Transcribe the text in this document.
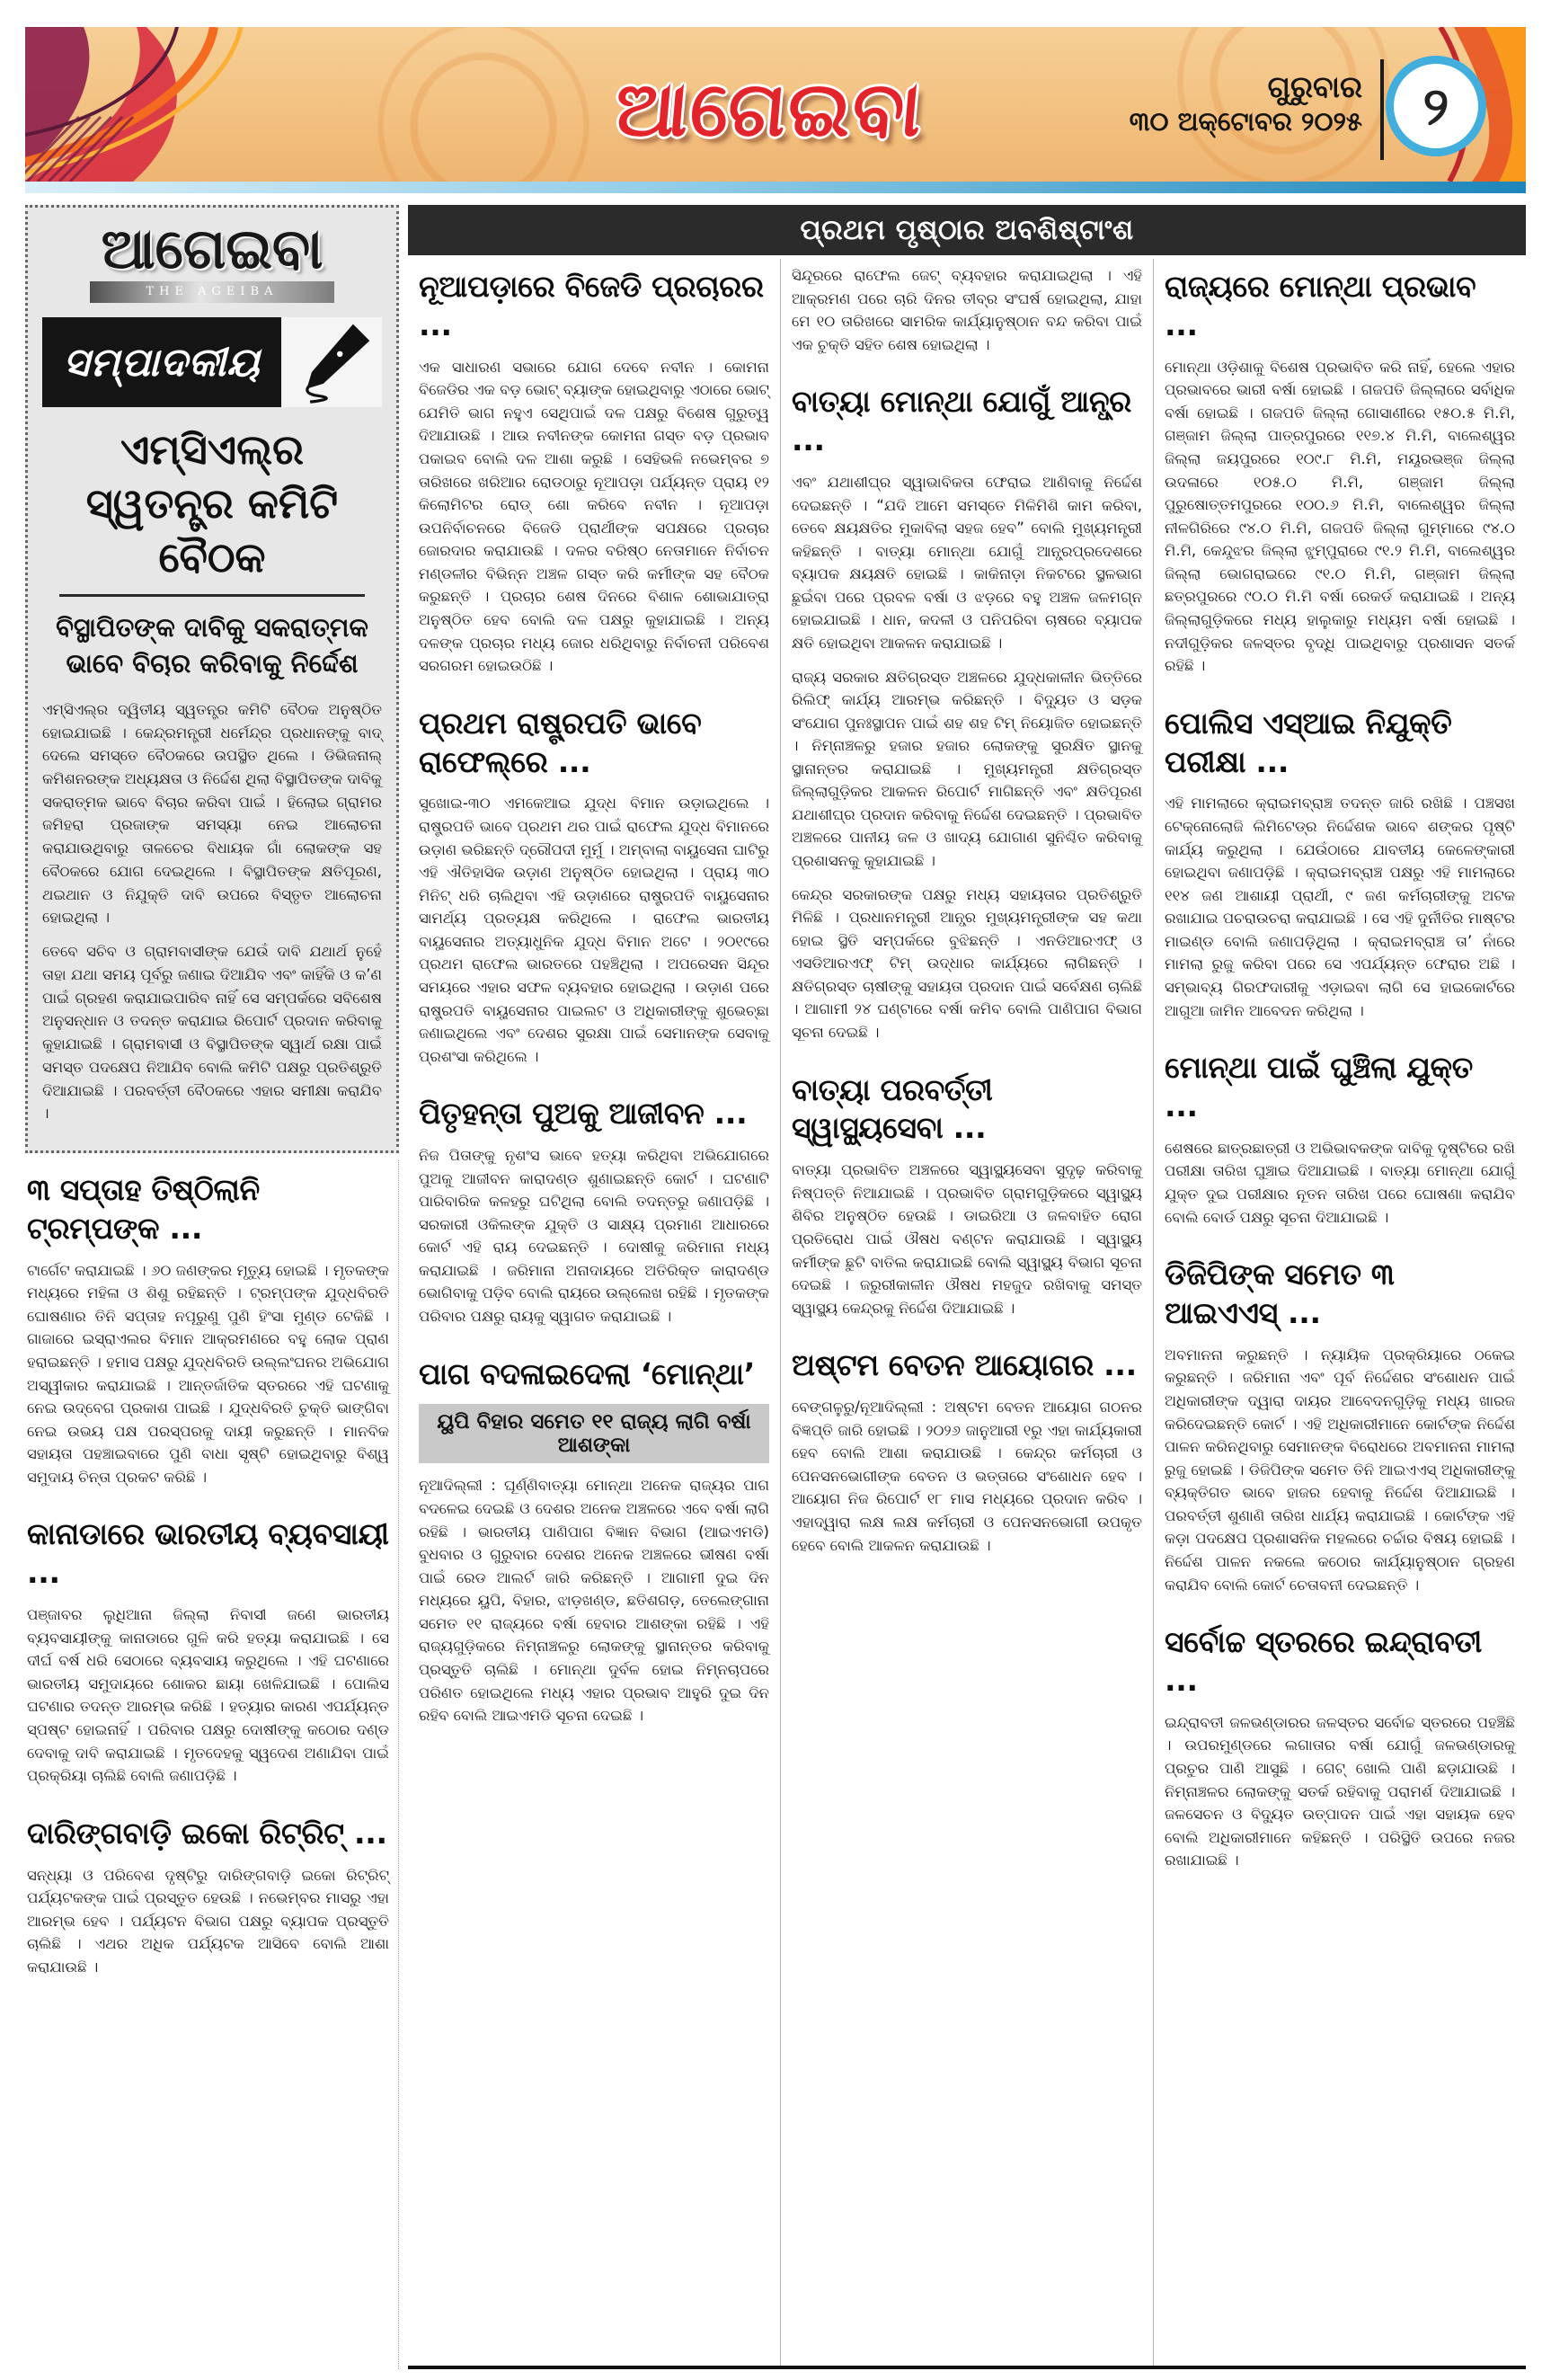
ଆଗେଇବା	ଗୁରୁବାର
୩୦ ଅକ୍ଟୋବର ୨୦୨୫	୨
ଆଗେଇବା
THE AGEIBA
ସମ୍ପାଦକୀୟ
ଏମ୍‌ସିଏଲ୍‌ର ସ୍ୱତନ୍ତ୍ର କମିଟି ବୈଠକ
ବିସ୍ଥାପିତଙ୍କ ଦାବିକୁ ସକରାତ୍ମକ ଭାବେ ବିଚାର କରିବାକୁ ନିର୍ଦ୍ଦେଶ

ଏମ୍‌ସିଏଲ୍‌ର ଦ୍ୱିତୀୟ ସ୍ୱତନ୍ତ୍ର କମିଟି ବୈଠକ ଅନୁଷ୍ଠିତ ହୋଇଯାଇଛି । କେନ୍ଦ୍ରମନ୍ତ୍ରୀ ଧର୍ମେନ୍ଦ୍ର ପ୍ରଧାନଙ୍କୁ ବାଦ୍ ଦେଲେ ସମସ୍ତେ ବୈଠକରେ ଉପସ୍ଥିତ ଥିଲେ । ଡିଭିଜନାଲ୍ କମିଶନରଙ୍କ ଅଧ୍ୟକ୍ଷତା ଓ ନିର୍ଦ୍ଦେଶ ଥିଲା ବିସ୍ଥାପିତଙ୍କ ଦାବିକୁ ସକରାତ୍ମକ ଭାବେ ବିଚାର କରିବା ପାଇଁ । ହିଲୋଇ ଗ୍ରାମର ଜମିହରା ପ୍ରଜାଙ୍କ ସମସ୍ୟା ନେଇ ଆଲୋଚନା କରାଯାଉଥିବାରୁ ତାଳଚେର ବିଧାୟକ ଗାଁ ଲୋକଙ୍କ ସହ ବୈଠକରେ ଯୋଗ ଦେଇଥିଲେ । ବିସ୍ଥାପିତଙ୍କ କ୍ଷତିପୂରଣ, ଥଇଥାନ ଓ ନିଯୁକ୍ତି ଦାବି ଉପରେ ବିସ୍ତୃତ ଆଲୋଚନା ହୋଇଥିଲା ।

ତେବେ ସଚିବ ଓ ଗ୍ରାମବାସୀଙ୍କ ଯେଉଁ ଦାବି ଯଥାର୍ଥ ନୁହେଁ ତାହା ଯଥା ସମୟ ପୂର୍ବରୁ ଜଣାଇ ଦିଆଯିବ ଏବଂ କାହିଁକି ଓ କ’ଣ ପାଇଁ ଗ୍ରହଣ କରାଯାଇପାରିବ ନାହିଁ ସେ ସମ୍ପର୍କରେ ସବିଶେଷ ଅନୁସନ୍ଧାନ ଓ ତଦନ୍ତ କରାଯାଇ ରିପୋର୍ଟ ପ୍ରଦାନ କରିବାକୁ କୁହାଯାଇଛି । ଗ୍ରାମବାସୀ ଓ ବିସ୍ଥାପିତଙ୍କ ସ୍ୱାର୍ଥ ରକ୍ଷା ପାଇଁ ସମସ୍ତ ପଦକ୍ଷେପ ନିଆଯିବ ବୋଲି କମିଟି ପକ୍ଷରୁ ପ୍ରତିଶ୍ରୁତି ଦିଆଯାଇଛି । ପରବର୍ତ୍ତୀ ବୈଠକରେ ଏହାର ସମୀକ୍ଷା କରାଯିବ ।

୩ ସପ୍ତାହ ତିଷ୍ଠିଲାନି ଟ୍ରମ୍ପଙ୍କ ...

ଟାର୍ଗେଟ କରାଯାଇଛି । ୬୦ ଜଣଙ୍କର ମୃତ୍ୟୁ ହୋଇଛି । ମୃତକଙ୍କ ମଧ୍ୟରେ ମହିଳା ଓ ଶିଶୁ ରହିଛନ୍ତି । ଟ୍ରମ୍ପଙ୍କ ଯୁଦ୍ଧବିରତି ଘୋଷଣାର ତିନି ସପ୍ତାହ ନପୂରୁଣୁ ପୁଣି ହିଂସା ମୁଣ୍ଡ ଟେକିଛି । ଗାଜାରେ ଇସ୍ରାଏଲର ବିମାନ ଆକ୍ରମଣରେ ବହୁ ଲୋକ ପ୍ରାଣ ହରାଇଛନ୍ତି । ହମାସ ପକ୍ଷରୁ ଯୁଦ୍ଧବିରତି ଉଲ୍ଲଂଘନର ଅଭିଯୋଗ ଅସ୍ୱୀକାର କରାଯାଇଛି । ଆନ୍ତର୍ଜାତିକ ସ୍ତରରେ ଏହି ଘଟଣାକୁ ନେଇ ଉଦ୍‌ବେଗ ପ୍ରକାଶ ପାଇଛି । ଯୁଦ୍ଧବିରତି ଚୁକ୍ତି ଭାଙ୍ଗିବା ନେଇ ଉଭୟ ପକ୍ଷ ପରସ୍ପରକୁ ଦାୟୀ କରୁଛନ୍ତି । ମାନବିକ ସହାୟତା ପହଞ୍ଚାଇବାରେ ପୁଣି ବାଧା ସୃଷ୍ଟି ହୋଇଥିବାରୁ ବିଶ୍ୱ ସମୁଦାୟ ଚିନ୍ତା ପ୍ରକଟ କରିଛି ।

କାନାଡାରେ ଭାରତୀୟ ବ୍ୟବସାୟୀ ...

ପଞ୍ଜାବର ଲୁଧିଆନା ଜିଲ୍ଲା ନିବାସୀ ଜଣେ ଭାରତୀୟ ବ୍ୟବସାୟୀଙ୍କୁ କାନାଡାରେ ଗୁଳି କରି ହତ୍ୟା କରାଯାଇଛି । ସେ ଦୀର୍ଘ ବର୍ଷ ଧରି ସେଠାରେ ବ୍ୟବସାୟ କରୁଥିଲେ । ଏହି ଘଟଣାରେ ଭାରତୀୟ ସମୁଦାୟରେ ଶୋକର ଛାୟା ଖେଳିଯାଇଛି । ପୋଲିସ ଘଟଣାର ତଦନ୍ତ ଆରମ୍ଭ କରିଛି । ହତ୍ୟାର କାରଣ ଏପର୍ଯ୍ୟନ୍ତ ସ୍ପଷ୍ଟ ହୋଇନାହିଁ । ପରିବାର ପକ୍ଷରୁ ଦୋଷୀଙ୍କୁ କଠୋର ଦଣ୍ଡ ଦେବାକୁ ଦାବି କରାଯାଇଛି । ମୃତଦେହକୁ ସ୍ୱଦେଶ ଅଣାଯିବା ପାଇଁ ପ୍ରକ୍ରିୟା ଚାଲିଛି ବୋଲି ଜଣାପଡ଼ିଛି ।

ଦାରିଙ୍ଗବାଡ଼ି ଇକୋ ରିଟ୍ରିଟ୍ ...

ସନ୍ଧ୍ୟା ଓ ପରିବେଶ ଦୃଷ୍ଟିରୁ ଦାରିଙ୍ଗବାଡ଼ି ଇକୋ ରିଟ୍ରିଟ୍ ପର୍ଯ୍ୟଟକଙ୍କ ପାଇଁ ପ୍ରସ୍ତୁତ ହେଉଛି । ନଭେମ୍ବର ମାସରୁ ଏହା ଆରମ୍ଭ ହେବ । ପର୍ଯ୍ୟଟନ ବିଭାଗ ପକ୍ଷରୁ ବ୍ୟାପକ ପ୍ରସ୍ତୁତି ଚାଲିଛି । ଏଥର ଅଧିକ ପର୍ଯ୍ୟଟକ ଆସିବେ ବୋଲି ଆଶା କରାଯାଉଛି ।

ପ୍ରଥମ ପୃଷ୍ଠାର ଅବଶିଷ୍ଟାଂଶ
ନୂଆପଡ଼ାରେ ବିଜେଡି ପ୍ରଚାରର ...

ଏକ ସାଧାରଣ ସଭାରେ ଯୋଗ ଦେବେ ନବୀନ । କୋମନା ବିଜେଡିର ଏକ ବଡ଼ ଭୋଟ୍ ବ୍ୟାଙ୍କ ହୋଇଥିବାରୁ ଏଠାରେ ଭୋଟ୍ ଯେମିତି ଭାଗ ନହୁଏ ସେଥିପାଇଁ ଦଳ ପକ୍ଷରୁ ବିଶେଷ ଗୁରୁତ୍ୱ ଦିଆଯାଉଛି । ଆଉ ନବୀନଙ୍କ କୋମନା ଗସ୍ତ ବଡ଼ ପ୍ରଭାବ ପକାଇବ ବୋଲି ଦଳ ଆଶା କରୁଛି । ସେହିଭଳି ନଭେମ୍ବର ୭ ତାରିଖରେ ଖରିଆର ରୋଡଠାରୁ ନୂଆପଡ଼ା ପର୍ଯ୍ୟନ୍ତ ପ୍ରାୟ ୧୨ କିଲୋମିଟର ରୋଡ୍ ଶୋ କରିବେ ନବୀନ । ନୂଆପଡ଼ା ଉପନିର୍ବାଚନରେ ବିଜେଡି ପ୍ରାର୍ଥୀଙ୍କ ସପକ୍ଷରେ ପ୍ରଚାର ଜୋରଦାର କରାଯାଉଛି । ଦଳର ବରିଷ୍ଠ ନେତାମାନେ ନିର୍ବାଚନ ମଣ୍ଡଳୀର ବିଭିନ୍ନ ଅଞ୍ଚଳ ଗସ୍ତ କରି କର୍ମୀଙ୍କ ସହ ବୈଠକ କରୁଛନ୍ତି । ପ୍ରଚାର ଶେଷ ଦିନରେ ବିଶାଳ ଶୋଭାଯାତ୍ରା ଅନୁଷ୍ଠିତ ହେବ ବୋଲି ଦଳ ପକ୍ଷରୁ କୁହାଯାଇଛି । ଅନ୍ୟ ଦଳଙ୍କ ପ୍ରଚାର ମଧ୍ୟ ଜୋର ଧରିଥିବାରୁ ନିର୍ବାଚନୀ ପରିବେଶ ସରଗରମ ହୋଇଉଠିଛି ।

ପ୍ରଥମ ରାଷ୍ଟ୍ରପତି ଭାବେ ରାଫେଲ୍‌ରେ ...

ସୁଖୋଇ-୩୦ ଏମକେଆଇ ଯୁଦ୍ଧ ବିମାନ ଉଡ଼ାଇଥିଲେ । ରାଷ୍ଟ୍ରପତି ଭାବେ ପ୍ରଥମ ଥର ପାଇଁ ରାଫେଲ ଯୁଦ୍ଧ ବିମାନରେ ଉଡ଼ାଣ ଭରିଛନ୍ତି ଦ୍ରୌପଦୀ ମୁର୍ମୁ । ଅମ୍ବାଲା ବାୟୁସେନା ଘାଟିରୁ ଏହି ଐତିହାସିକ ଉଡ଼ାଣ ଅନୁଷ୍ଠିତ ହୋଇଥିଲା । ପ୍ରାୟ ୩୦ ମିନିଟ୍ ଧରି ଚାଲିଥିବା ଏହି ଉଡ଼ାଣରେ ରାଷ୍ଟ୍ରପତି ବାୟୁସେନାର ସାମର୍ଥ୍ୟ ପ୍ରତ୍ୟକ୍ଷ କରିଥିଲେ । ରାଫେଲ ଭାରତୀୟ ବାୟୁସେନାର ଅତ୍ୟାଧୁନିକ ଯୁଦ୍ଧ ବିମାନ ଅଟେ । ୨୦୧୯ରେ ପ୍ରଥମ ରାଫେଲ ଭାରତରେ ପହଞ୍ଚିଥିଲା । ଅପରେସନ ସିନ୍ଦୂର ସମୟରେ ଏହାର ସଫଳ ବ୍ୟବହାର ହୋଇଥିଲା । ଉଡ଼ାଣ ପରେ ରାଷ୍ଟ୍ରପତି ବାୟୁସେନାର ପାଇଲଟ ଓ ଅଧିକାରୀଙ୍କୁ ଶୁଭେଚ୍ଛା ଜଣାଇଥିଲେ ଏବଂ ଦେଶର ସୁରକ୍ଷା ପାଇଁ ସେମାନଙ୍କ ସେବାକୁ ପ୍ରଶଂସା କରିଥିଲେ ।

ପିତୃହନ୍ତା ପୁଅକୁ ଆଜୀବନ ...

ନିଜ ପିତାଙ୍କୁ ନୃଶଂସ ଭାବେ ହତ୍ୟା କରିଥିବା ଅଭିଯୋଗରେ ପୁଅକୁ ଆଜୀବନ କାରାଦଣ୍ଡ ଶୁଣାଇଛନ୍ତି କୋର୍ଟ । ଘଟଣାଟି ପାରିବାରିକ କଳହରୁ ଘଟିଥିଲା ବୋଲି ତଦନ୍ତରୁ ଜଣାପଡ଼ିଛି । ସରକାରୀ ଓକିଲଙ୍କ ଯୁକ୍ତି ଓ ସାକ୍ଷ୍ୟ ପ୍ରମାଣ ଆଧାରରେ କୋର୍ଟ ଏହି ରାୟ ଦେଇଛନ୍ତି । ଦୋଷୀକୁ ଜରିମାନା ମଧ୍ୟ କରାଯାଇଛି । ଜରିମାନା ଅନାଦାୟରେ ଅତିରିକ୍ତ କାରାଦଣ୍ଡ ଭୋଗିବାକୁ ପଡ଼ିବ ବୋଲି ରାୟରେ ଉଲ୍ଲେଖ ରହିଛି । ମୃତକଙ୍କ ପରିବାର ପକ୍ଷରୁ ରାୟକୁ ସ୍ୱାଗତ କରାଯାଇଛି ।

ପାଗ ବଦଳାଇଦେଲା ‘ମୋନ୍‌ଥା’
ୟୁପି ବିହାର ସମେତ ୧୧ ରାଜ୍ୟ ଲାଗି ବର୍ଷା ଆଶଙ୍କା

ନୂଆଦିଲ୍ଲୀ : ଘୂର୍ଣ୍ଣିବାତ୍ୟା ମୋନ୍‌ଥା ଅନେକ ରାଜ୍ୟର ପାଗ ବଦଳେଇ ଦେଇଛି ଓ ଦେଶର ଅନେକ ଅଞ୍ଚଳରେ ଏବେ ବର୍ଷା ଲାଗି ରହିଛି । ଭାରତୀୟ ପାଣିପାଗ ବିଜ୍ଞାନ ବିଭାଗ (ଆଇଏମଡି) ବୁଧବାର ଓ ଗୁରୁବାର ଦେଶର ଅନେକ ଅଞ୍ଚଳରେ ଭୀଷଣ ବର୍ଷା ପାଇଁ ରେଡ ଆଲର୍ଟ ଜାରି କରିଛନ୍ତି । ଆଗାମୀ ଦୁଇ ଦିନ ମଧ୍ୟରେ ୟୁପି, ବିହାର, ଝାଡ଼ଖଣ୍ଡ, ଛତିଶଗଡ଼, ତେଲେଙ୍ଗାନା ସମେତ ୧୧ ରାଜ୍ୟରେ ବର୍ଷା ହେବାର ଆଶଙ୍କା ରହିଛି । ଏହି ରାଜ୍ୟଗୁଡ଼ିକରେ ନିମ୍ନାଞ୍ଚଳରୁ ଲୋକଙ୍କୁ ସ୍ଥାନାନ୍ତର କରିବାକୁ ପ୍ରସ୍ତୁତି ଚାଲିଛି । ମୋନ୍‌ଥା ଦୁର୍ବଳ ହୋଇ ନିମ୍ନଚାପରେ ପରିଣତ ହୋଇଥିଲେ ମଧ୍ୟ ଏହାର ପ୍ରଭାବ ଆହୁରି ଦୁଇ ଦିନ ରହିବ ବୋଲି ଆଇଏମଡି ସୂଚନା ଦେଇଛି ।

ସିନ୍ଦୂରରେ ରାଫେଲ ଜେଟ୍ ବ୍ୟବହାର କରାଯାଇଥିଲା । ଏହି ଆକ୍ରମଣ ପରେ ଚାରି ଦିନର ତୀବ୍ର ସଂଘର୍ଷ ହୋଇଥିଲା, ଯାହା ମେ ୧୦ ତାରିଖରେ ସାମରିକ କାର୍ଯ୍ୟାନୁଷ୍ଠାନ ବନ୍ଦ କରିବା ପାଇଁ ଏକ ଚୁକ୍ତି ସହିତ ଶେଷ ହୋଇଥିଲା ।

ବାତ୍ୟା ମୋନ୍‌ଥା ଯୋଗୁଁ ଆନ୍ଧ୍ର ...

ଏବଂ ଯଥାଶୀଘ୍ର ସ୍ୱାଭାବିକତା ଫେରାଇ ଆଣିବାକୁ ନିର୍ଦ୍ଦେଶ ଦେଇଛନ୍ତି । “ଯଦି ଆମେ ସମସ୍ତେ ମିଳିମିଶି କାମ କରିବା, ତେବେ କ୍ଷୟକ୍ଷତିର ମୁକାବିଲା ସହଜ ହେବ” ବୋଲି ମୁଖ୍ୟମନ୍ତ୍ରୀ କହିଛନ୍ତି । ବାତ୍ୟା ମୋନ୍‌ଥା ଯୋଗୁଁ ଆନ୍ଧ୍ରପ୍ରଦେଶରେ ବ୍ୟାପକ କ୍ଷୟକ୍ଷତି ହୋଇଛି । କାକିନାଡ଼ା ନିକଟରେ ସ୍ଥଳଭାଗ ଛୁଇଁବା ପରେ ପ୍ରବଳ ବର୍ଷା ଓ ଝଡ଼ରେ ବହୁ ଅଞ୍ଚଳ ଜଳମଗ୍ନ ହୋଇଯାଇଛି । ଧାନ, କଦଳୀ ଓ ପନିପରିବା ଚାଷରେ ବ୍ୟାପକ କ୍ଷତି ହୋଇଥିବା ଆକଳନ କରାଯାଇଛି ।

ରାଜ୍ୟ ସରକାର କ୍ଷତିଗ୍ରସ୍ତ ଅଞ୍ଚଳରେ ଯୁଦ୍ଧକାଳୀନ ଭିତ୍ତିରେ ରିଲିଫ୍ କାର୍ଯ୍ୟ ଆରମ୍ଭ କରିଛନ୍ତି । ବିଦ୍ୟୁତ ଓ ସଡ଼କ ସଂଯୋଗ ପୁନଃସ୍ଥାପନ ପାଇଁ ଶହ ଶହ ଟିମ୍ ନିୟୋଜିତ ହୋଇଛନ୍ତି । ନିମ୍ନାଞ୍ଚଳରୁ ହଜାର ହଜାର ଲୋକଙ୍କୁ ସୁରକ୍ଷିତ ସ୍ଥାନକୁ ସ୍ଥାନାନ୍ତର କରାଯାଇଛି । ମୁଖ୍ୟମନ୍ତ୍ରୀ କ୍ଷତିଗ୍ରସ୍ତ ଜିଲ୍ଲାଗୁଡ଼ିକର ଆକଳନ ରିପୋର୍ଟ ମାଗିଛନ୍ତି ଏବଂ କ୍ଷତିପୂରଣ ଯଥାଶୀଘ୍ର ପ୍ରଦାନ କରିବାକୁ ନିର୍ଦ୍ଦେଶ ଦେଇଛନ୍ତି । ପ୍ରଭାବିତ ଅଞ୍ଚଳରେ ପାନୀୟ ଜଳ ଓ ଖାଦ୍ୟ ଯୋଗାଣ ସୁନିଶ୍ଚିତ କରିବାକୁ ପ୍ରଶାସନକୁ କୁହାଯାଇଛି ।

କେନ୍ଦ୍ର ସରକାରଙ୍କ ପକ୍ଷରୁ ମଧ୍ୟ ସହାୟତାର ପ୍ରତିଶ୍ରୁତି ମିଳିଛି । ପ୍ରଧାନମନ୍ତ୍ରୀ ଆନ୍ଧ୍ର ମୁଖ୍ୟମନ୍ତ୍ରୀଙ୍କ ସହ କଥା ହୋଇ ସ୍ଥିତି ସମ୍ପର୍କରେ ବୁଝିଛନ୍ତି । ଏନଡିଆରଏଫ୍ ଓ ଏସଡିଆରଏଫ୍ ଟିମ୍ ଉଦ୍ଧାର କାର୍ଯ୍ୟରେ ଲାଗିଛନ୍ତି । କ୍ଷତିଗ୍ରସ୍ତ ଚାଷୀଙ୍କୁ ସହାୟତା ପ୍ରଦାନ ପାଇଁ ସର୍ବେକ୍ଷଣ ଚାଲିଛି । ଆଗାମୀ ୨୪ ଘଣ୍ଟାରେ ବର୍ଷା କମିବ ବୋଲି ପାଣିପାଗ ବିଭାଗ ସୂଚନା ଦେଇଛି ।

ବାତ୍ୟା ପରବର୍ତ୍ତୀ ସ୍ୱାସ୍ଥ୍ୟସେବା ...

ବାତ୍ୟା ପ୍ରଭାବିତ ଅଞ୍ଚଳରେ ସ୍ୱାସ୍ଥ୍ୟସେବା ସୁଦୃଢ଼ କରିବାକୁ ନିଷ୍ପତ୍ତି ନିଆଯାଇଛି । ପ୍ରଭାବିତ ଗ୍ରାମଗୁଡ଼ିକରେ ସ୍ୱାସ୍ଥ୍ୟ ଶିବିର ଅନୁଷ୍ଠିତ ହେଉଛି । ଡାଇରିଆ ଓ ଜଳବାହିତ ରୋଗ ପ୍ରତିରୋଧ ପାଇଁ ଔଷଧ ବଣ୍ଟନ କରାଯାଉଛି । ସ୍ୱାସ୍ଥ୍ୟ କର୍ମୀଙ୍କ ଛୁଟି ବାତିଲ କରାଯାଇଛି ବୋଲି ସ୍ୱାସ୍ଥ୍ୟ ବିଭାଗ ସୂଚନା ଦେଇଛି । ଜରୁରୀକାଳୀନ ଔଷଧ ମହଜୁଦ ରଖିବାକୁ ସମସ୍ତ ସ୍ୱାସ୍ଥ୍ୟ କେନ୍ଦ୍ରକୁ ନିର୍ଦ୍ଦେଶ ଦିଆଯାଇଛି ।

ଅଷ୍ଟମ ବେତନ ଆୟୋଗର ...

ବେଙ୍ଗଳୁରୁ/ନୂଆଦିଲ୍ଲୀ : ଅଷ୍ଟମ ବେତନ ଆୟୋଗ ଗଠନର ବିଜ୍ଞପ୍ତି ଜାରି ହୋଇଛି । ୨୦୨୬ ଜାନୁଆରୀ ୧ରୁ ଏହା କାର୍ଯ୍ୟକାରୀ ହେବ ବୋଲି ଆଶା କରାଯାଉଛି । କେନ୍ଦ୍ର କର୍ମଚାରୀ ଓ ପେନସନଭୋଗୀଙ୍କ ବେତନ ଓ ଭତ୍ତାରେ ସଂଶୋଧନ ହେବ । ଆୟୋଗ ନିଜ ରିପୋର୍ଟ ୧୮ ମାସ ମଧ୍ୟରେ ପ୍ରଦାନ କରିବ । ଏହାଦ୍ୱାରା ଲକ୍ଷ ଲକ୍ଷ କର୍ମଚାରୀ ଓ ପେନସନଭୋଗୀ ଉପକୃତ ହେବେ ବୋଲି ଆକଳନ କରାଯାଉଛି ।

ରାଜ୍ୟରେ ମୋନ୍‌ଥା ପ୍ରଭାବ ...

ମୋନ୍‌ଥା ଓଡ଼ିଶାକୁ ବିଶେଷ ପ୍ରଭାବିତ କରି ନାହିଁ, ହେଲେ ଏହାର ପ୍ରଭାବରେ ଭାରୀ ବର୍ଷା ହୋଇଛି । ଗଜପତି ଜିଲ୍ଲାରେ ସର୍ବାଧିକ ବର୍ଷା ହୋଇଛି । ଗଜପତି ଜିଲ୍ଲା ଗୋସାଣୀରେ ୧୫୦.୫ ମି.ମି, ଗଞ୍ଜାମ ଜିଲ୍ଲା ପାତ୍ରପୁରରେ ୧୧୭.୪ ମି.ମି, ବାଲେଶ୍ୱର ଜିଲ୍ଲା ଜୟପୁରରେ ୧୦୯.୮ ମି.ମି, ମୟୂରଭଞ୍ଜ ଜିଲ୍ଲା ଉଦଳାରେ ୧୦୫.୦ ମି.ମି, ଗଞ୍ଜାମ ଜିଲ୍ଲା ପୁରୁଷୋତ୍ତମପୁରରେ ୧୦୦.୬ ମି.ମି, ବାଲେଶ୍ୱର ଜିଲ୍ଲା ନୀଳଗିରିରେ ୯୪.୦ ମି.ମି, ଗଜପତି ଜିଲ୍ଲା ଗୁମ୍ମାରେ ୯୪.୦ ମି.ମି, କେନ୍ଦୁଝର ଜିଲ୍ଲା ଝୁମ୍ପୁରାରେ ୯୧.୨ ମି.ମି, ବାଲେଶ୍ୱର ଜିଲ୍ଲା ଭୋଗରାଇରେ ୯୧.୦ ମି.ମି, ଗଞ୍ଜାମ ଜିଲ୍ଲା ଛତ୍ରପୁରରେ ୯୦.୦ ମି.ମି ବର୍ଷା ରେକର୍ଡ କରାଯାଇଛି । ଅନ୍ୟ ଜିଲ୍ଲାଗୁଡ଼ିକରେ ମଧ୍ୟ ହାଲୁକାରୁ ମଧ୍ୟମ ବର୍ଷା ହୋଇଛି । ନଦୀଗୁଡ଼ିକର ଜଳସ୍ତର ବୃଦ୍ଧି ପାଇଥିବାରୁ ପ୍ରଶାସନ ସତର୍କ ରହିଛି ।

ପୋଲିସ ଏସ୍‌ଆଇ ନିଯୁକ୍ତି ପରୀକ୍ଷା ...

ଏହି ମାମଲାରେ କ୍ରାଇମବ୍ରାଞ୍ଚ ତଦନ୍ତ ଜାରି ରଖିଛି । ପଞ୍ଚସଖ ଟେକ୍ନୋଲୋଜି ଲିମିଟେଡ୍‌ର ନିର୍ଦ୍ଦେଶକ ଭାବେ ଶଙ୍କର ପୃଷ୍ଟି କାର୍ଯ୍ୟ କରୁଥିଲା । ଯେଉଁଠାରେ ଯାବତୀୟ କେଳେଙ୍କାରୀ ହୋଇଥିବା ଜଣାପଡ଼ିଛି । କ୍ରାଇମବ୍ରାଞ୍ଚ ପକ୍ଷରୁ ଏହି ମାମଲାରେ ୧୧୪ ଜଣ ଆଶାୟୀ ପ୍ରାର୍ଥୀ, ୯ ଜଣ କର୍ମଚାରୀଙ୍କୁ ଅଟକ ରଖାଯାଇ ପଚରାଉଚରା କରାଯାଇଛି । ସେ ଏହି ଦୁର୍ନୀତିର ମାଷ୍ଟର ମାଇଣ୍ଡ ବୋଲି ଜଣାପଡ଼ିଥିଲା । କ୍ରାଇମବ୍ରାଞ୍ଚ ତା’ ନାଁରେ ମାମଲା ରୁଜୁ କରିବା ପରେ ସେ ଏପର୍ଯ୍ୟନ୍ତ ଫେରାର ଅଛି । ସମ୍ଭାବ୍ୟ ଗିରଫଦାରୀକୁ ଏଡ଼ାଇବା ଲାଗି ସେ ହାଇକୋର୍ଟରେ ଆଗୁଆ ଜାମିନ ଆବେଦନ କରିଥିଲା ।

ମୋନ୍‌ଥା ପାଇଁ ଘୁଞ୍ଚିଲା ଯୁକ୍ତ ...

ଶେଷରେ ଛାତ୍ରଛାତ୍ରୀ ଓ ଅଭିଭାବକଙ୍କ ଦାବିକୁ ଦୃଷ୍ଟିରେ ରଖି ପରୀକ୍ଷା ତାରିଖ ଘୁଞ୍ଚାଇ ଦିଆଯାଇଛି । ବାତ୍ୟା ମୋନ୍‌ଥା ଯୋଗୁଁ ଯୁକ୍ତ ଦୁଇ ପରୀକ୍ଷାର ନୂତନ ତାରିଖ ପରେ ଘୋଷଣା କରାଯିବ ବୋଲି ବୋର୍ଡ ପକ୍ଷରୁ ସୂଚନା ଦିଆଯାଇଛି ।

ଡିଜିପିଙ୍କ ସମେତ ୩ ଆଇଏଏସ୍ ...

ଅବମାନନା କରୁଛନ୍ତି । ନ୍ୟାୟିକ ପ୍ରକ୍ରିୟାରେ ଠକେଇ କରୁଛନ୍ତି । ଜରିମାନା ଏବଂ ପୂର୍ବ ନିର୍ଦ୍ଦେଶର ସଂଶୋଧନ ପାଇଁ ଅଧିକାରୀଙ୍କ ଦ୍ୱାରା ଦାୟର ଆବେଦନଗୁଡ଼ିକୁ ମଧ୍ୟ ଖାରଜ କରିଦେଇଛନ୍ତି କୋର୍ଟ । ଏହି ଅଧିକାରୀମାନେ କୋର୍ଟଙ୍କ ନିର୍ଦ୍ଦେଶ ପାଳନ କରିନଥିବାରୁ ସେମାନଙ୍କ ବିରୋଧରେ ଅବମାନନା ମାମଲା ରୁଜୁ ହୋଇଛି । ଡିଜିପିଙ୍କ ସମେତ ତିନି ଆଇଏଏସ୍ ଅଧିକାରୀଙ୍କୁ ବ୍ୟକ୍ତିଗତ ଭାବେ ହାଜର ହେବାକୁ ନିର୍ଦ୍ଦେଶ ଦିଆଯାଇଛି । ପରବର୍ତ୍ତୀ ଶୁଣାଣି ତାରିଖ ଧାର୍ଯ୍ୟ କରାଯାଇଛି । କୋର୍ଟଙ୍କ ଏହି କଡ଼ା ପଦକ୍ଷେପ ପ୍ରଶାସନିକ ମହଲରେ ଚର୍ଚ୍ଚାର ବିଷୟ ହୋଇଛି । ନିର୍ଦ୍ଦେଶ ପାଳନ ନକଲେ କଠୋର କାର୍ଯ୍ୟାନୁଷ୍ଠାନ ଗ୍ରହଣ କରାଯିବ ବୋଲି କୋର୍ଟ ଚେତାବନୀ ଦେଇଛନ୍ତି ।

ସର୍ବୋଚ୍ଚ ସ୍ତରରେ ଇନ୍ଦ୍ରାବତୀ ...

ଇନ୍ଦ୍ରାବତୀ ଜଳଭଣ୍ଡାରର ଜଳସ୍ତର ସର୍ବୋଚ୍ଚ ସ୍ତରରେ ପହଞ୍ଚିଛି । ଉପରମୁଣ୍ଡରେ ଲଗାତାର ବର୍ଷା ଯୋଗୁଁ ଜଳଭଣ୍ଡାରକୁ ପ୍ରଚୁର ପାଣି ଆସୁଛି । ଗେଟ୍ ଖୋଲି ପାଣି ଛଡ଼ାଯାଉଛି । ନିମ୍ନାଞ୍ଚଳର ଲୋକଙ୍କୁ ସତର୍କ ରହିବାକୁ ପରାମର୍ଶ ଦିଆଯାଇଛି । ଜଳସେଚନ ଓ ବିଦ୍ୟୁତ ଉତ୍ପାଦନ ପାଇଁ ଏହା ସହାୟକ ହେବ ବୋଲି ଅଧିକାରୀମାନେ କହିଛନ୍ତି । ପରିସ୍ଥିତି ଉପରେ ନଜର ରଖାଯାଇଛି ।
